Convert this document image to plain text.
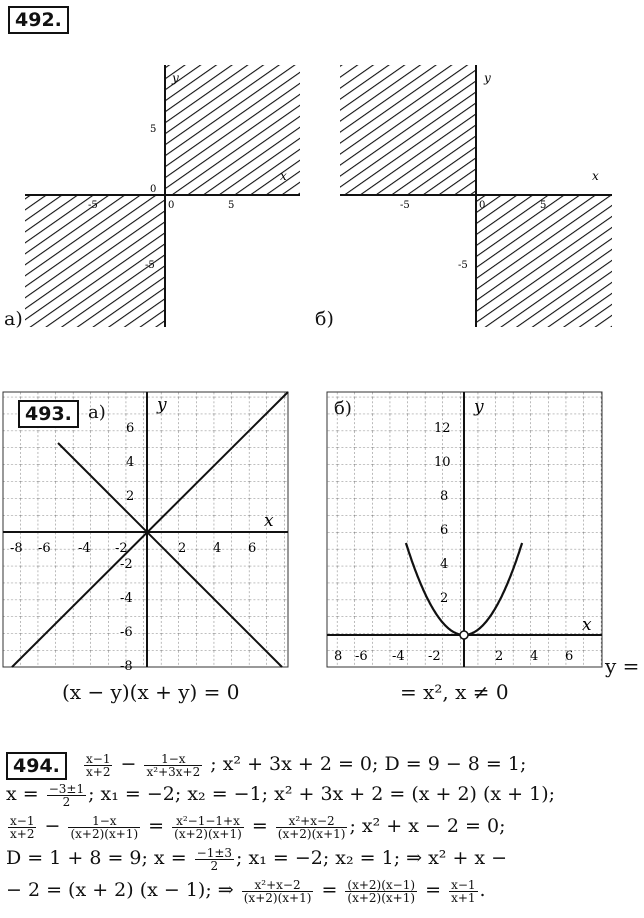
492.
y
x
5
0
0	5
-5
-5
y
x
0	5
-5
-5
а)	б)
y
x
-8 -6 -4 -2	2 4 6
6
4
2
-2
-4
-6
-8
y
x
8 -6 -4 -2	2 4 6
12
10
8
6
4
2
493. а)	б)
(x − y)(x + y) = 0
y =
= x², x ≠ 0
494.	$\frac{x-1}{x+2} - \frac{1-x}{\text{x²+3x+2}}$ ; x² + 3x + 2 = 0; D = 9 − 8 = 1;
$x = \frac{-3\pm 1}{2}$ ; x₁ = −2; x₂ = −1; x² + 3x + 2 = (x + 2) (x + 1);
$\frac{x-1}{x+2} - \frac{1-x}{(x+2)(x+1)} = \frac{\text{x²−1−1+x}}{(x+2)(x+1)} = \frac{\text{x²+x−2}}{(x+2)(x+1)}$ ; x² + x − 2 = 0;
D = 1 + 8 = 9; $x = \frac{-1\pm 3}{2}$ ; x₁ = −2; x₂ = 1; ⇒ x² + x −
− 2 = (x + 2) (x − 1); ⇒ $\frac{\text{x²+x−2}}{(x+2)(x+1)} = \frac{(x+2)(x-1)}{(x+2)(x+1)} = \frac{x-1}{x+1}$ .
